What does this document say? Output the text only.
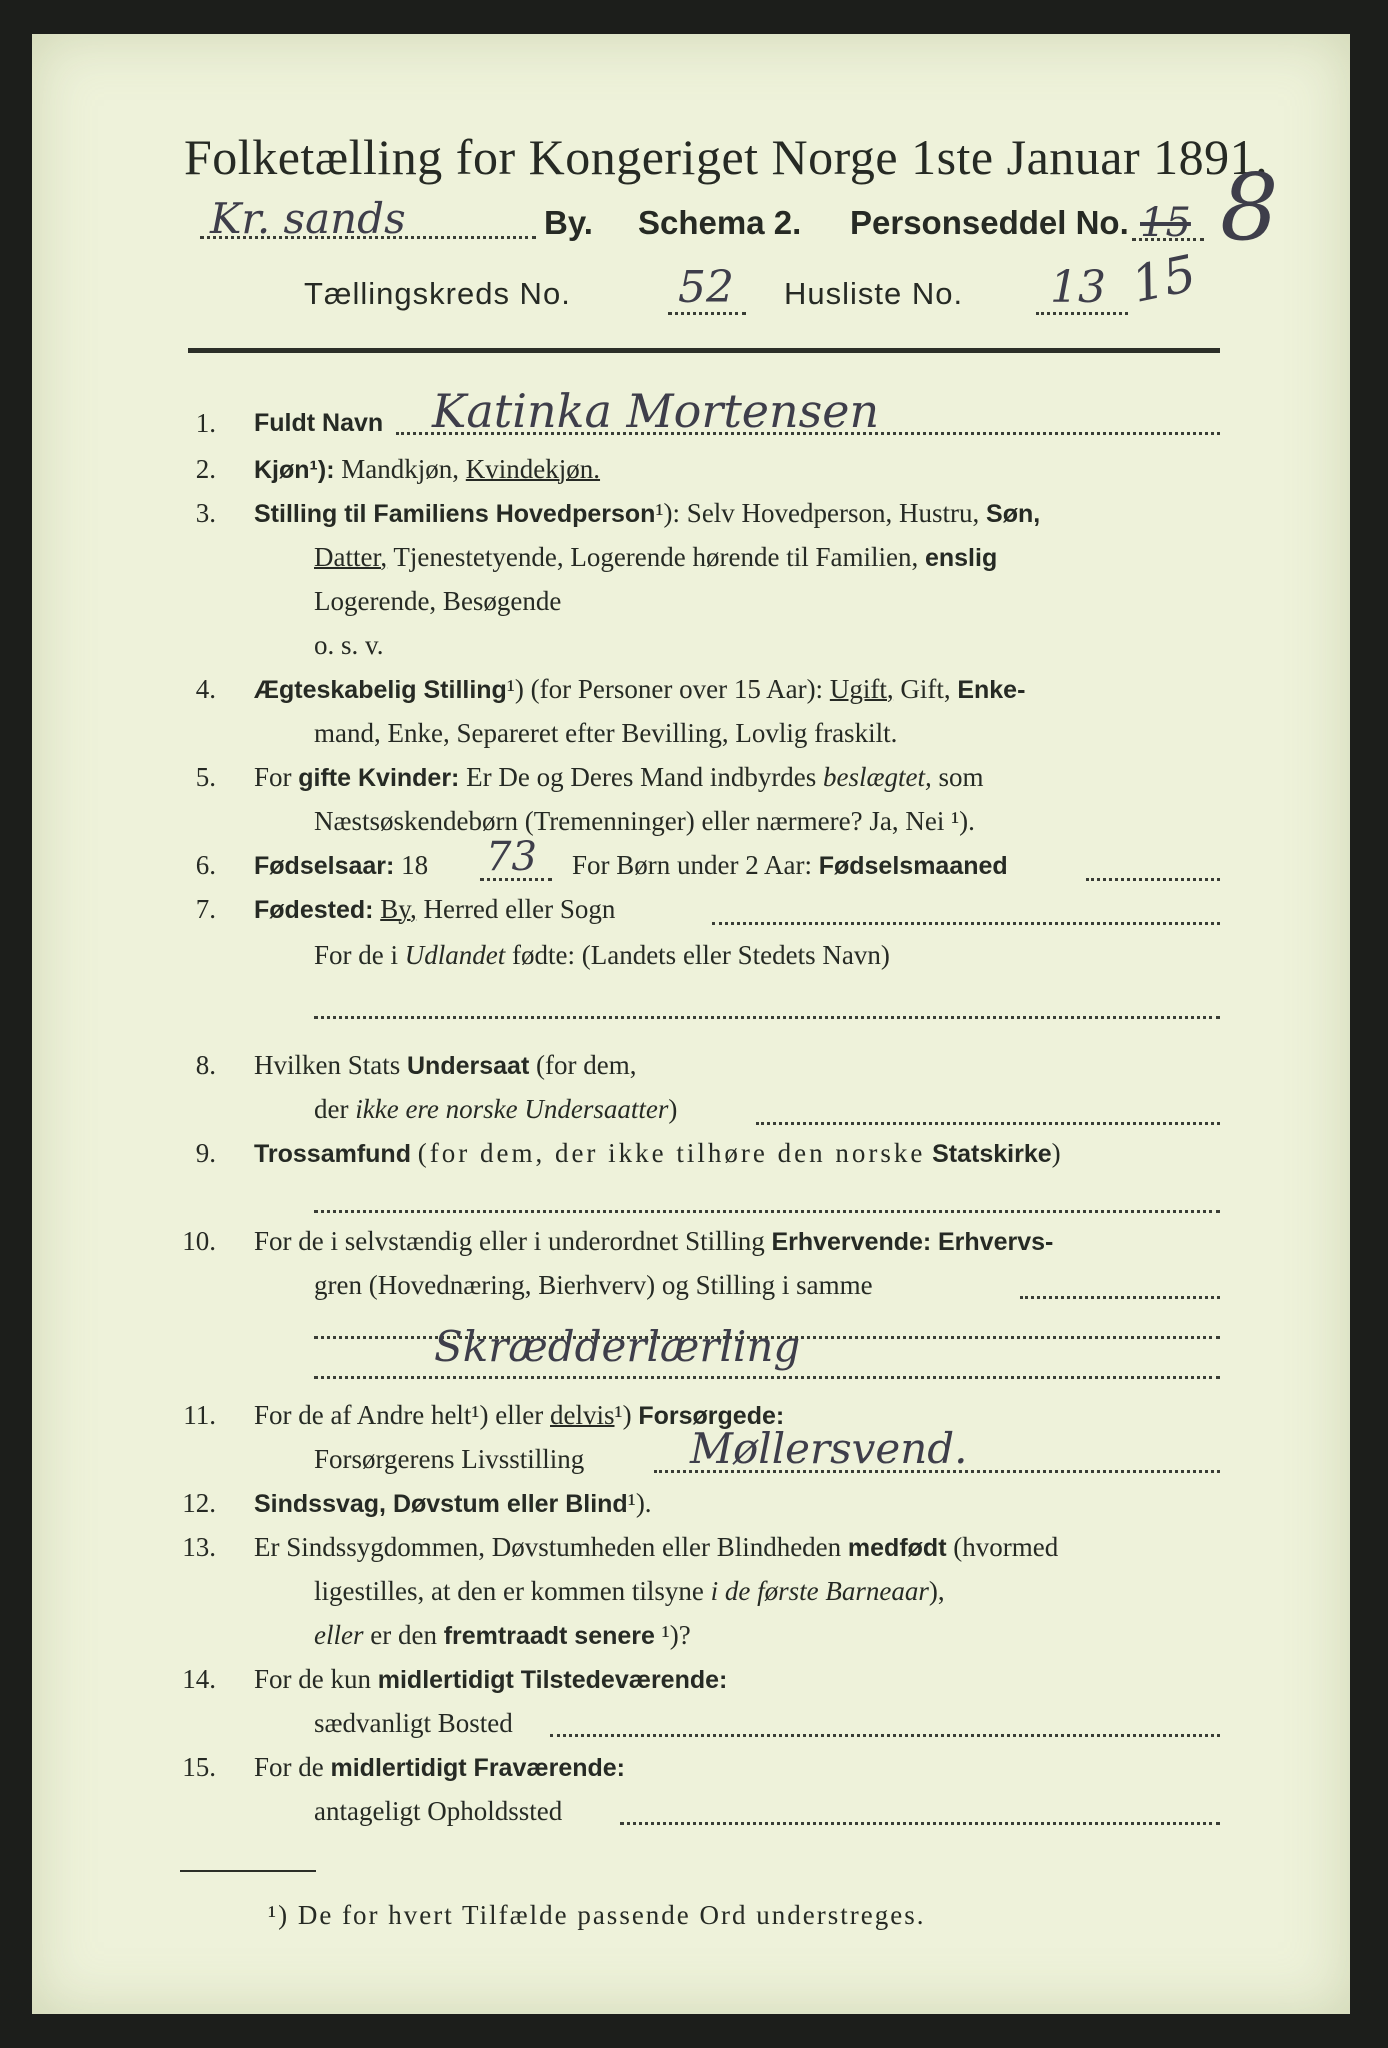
Folketælling for Kongeriget Norge 1ste Januar 1891.
Kr. sands	By. Schema 2. Personseddel No. 15 8
Tællingskreds No. 52 Husliste No. 13 15
1. Fuldt Navn Katinka Mortensen
2. Kjøn¹): Mandkjøn, Kvindekjøn.
3. Stilling til Familiens Hovedperson¹): Selv Hovedperson, Hustru, Søn,
Datter, Tjenestetyende, Logerende hørende til Familien, enslig
Logerende, Besøgende
o. s. v.
4. Ægteskabelig Stilling¹) (for Personer over 15 Aar): Ugift, Gift, Enke-
mand, Enke, Separeret efter Bevilling, Lovlig fraskilt.
5. For gifte Kvinder: Er De og Deres Mand indbyrdes beslægtet, som
Næstsøskendebørn (Tremenninger) eller nærmere? Ja, Nei ¹).
6. Fødselsaar: 18 73 For Børn under 2 Aar: Fødselsmaaned
7. Fødested: By, Herred eller Sogn
For de i Udlandet fødte: (Landets eller Stedets Navn)
8. Hvilken Stats Undersaat (for dem,
der ikke ere norske Undersaatter)
9. Trossamfund (for dem, der ikke tilhøre den norske Statskirke)
10. For de i selvstændig eller i underordnet Stilling Erhvervende: Erhvervs-
gren (Hovednæring, Bierhverv) og Stilling i samme
Skrædderlærling
11. For de af Andre helt¹) eller delvis¹) Forsørgede:
Forsørgerens Livsstilling	Møllersvend.
12. Sindssvag, Døvstum eller Blind¹).
13. Er Sindssygdommen, Døvstumheden eller Blindheden medfødt (hvormed
ligestilles, at den er kommen tilsyne i de første Barneaar),
eller er den fremtraadt senere ¹)?
14. For de kun midlertidigt Tilstedeværende:
sædvanligt Bosted
15. For de midlertidigt Fraværende:
antageligt Opholdssted
¹) De for hvert Tilfælde passende Ord understreges.
